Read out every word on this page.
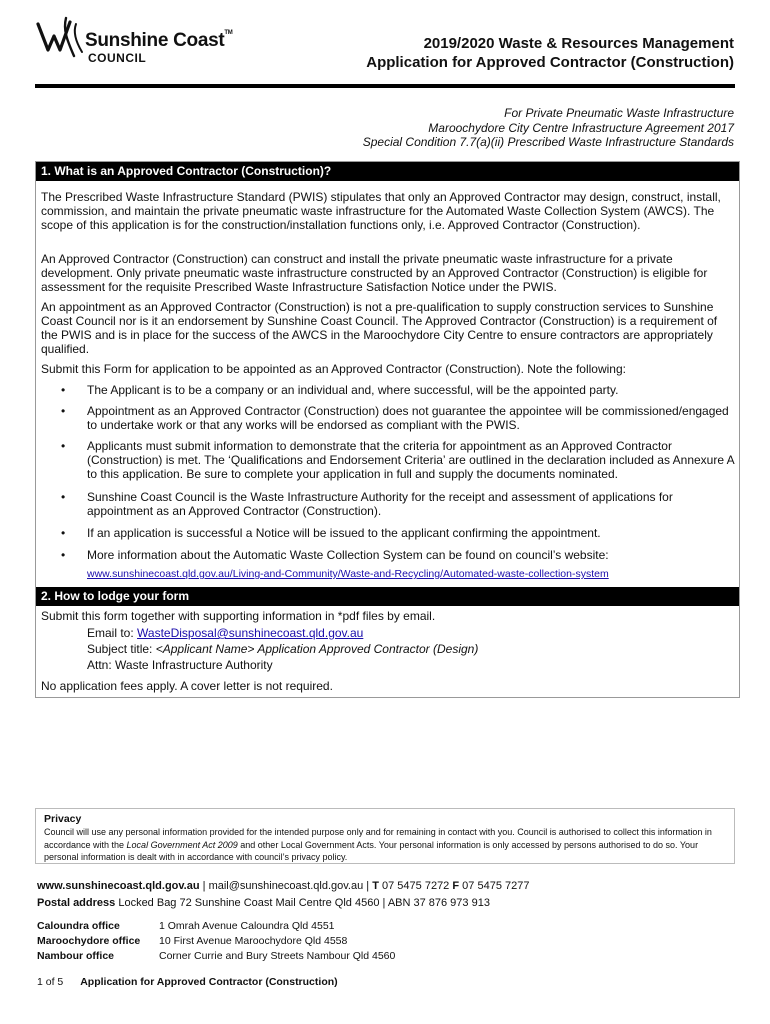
Sunshine Coast™
COUNCIL
2019/2020 Waste & Resources Management
Application for Approved Contractor (Construction)
For Private Pneumatic Waste Infrastructure
Maroochydore City Centre Infrastructure Agreement 2017
Special Condition 7.7(a)(ii) Prescribed Waste Infrastructure Standards
1. What is an Approved Contractor (Construction)?
The Prescribed Waste Infrastructure Standard (PWIS) stipulates that only an Approved Contractor may design, construct, install, commission, and maintain the private pneumatic waste infrastructure for the Automated Waste Collection System (AWCS). The scope of this application is for the construction/installation functions only, i.e. Approved Contractor (Construction).
An Approved Contractor (Construction) can construct and install the private pneumatic waste infrastructure for a private development. Only private pneumatic waste infrastructure constructed by an Approved Contractor (Construction) is eligible for assessment for the requisite Prescribed Waste Infrastructure Satisfaction Notice under the PWIS.
An appointment as an Approved Contractor (Construction) is not a pre-qualification to supply construction services to Sunshine Coast Council nor is it an endorsement by Sunshine Coast Council. The Approved Contractor (Construction) is a requirement of the PWIS and is in place for the success of the AWCS in the Maroochydore City Centre to ensure contractors are appropriately qualified.
Submit this Form for application to be appointed as an Approved Contractor (Construction). Note the following:
• The Applicant is to be a company or an individual and, where successful, will be the appointed party.
• Appointment as an Approved Contractor (Construction) does not guarantee the appointee will be commissioned/engaged to undertake work or that any works will be endorsed as compliant with the PWIS.
• Applicants must submit information to demonstrate that the criteria for appointment as an Approved Contractor (Construction) is met. The ‘Qualifications and Endorsement Criteria’ are outlined in the declaration included as Annexure A to this application. Be sure to complete your application in full and supply the documents nominated.
• Sunshine Coast Council is the Waste Infrastructure Authority for the receipt and assessment of applications for appointment as an Approved Contractor (Construction).
• If an application is successful a Notice will be issued to the applicant confirming the appointment.
• More information about the Automatic Waste Collection System can be found on council’s website:
www.sunshinecoast.qld.gov.au/Living-and-Community/Waste-and-Recycling/Automated-waste-collection-system
2. How to lodge your form
Submit this form together with supporting information in *pdf files by email.
Email to: WasteDisposal@sunshinecoast.qld.gov.au
Subject title: <Applicant Name> Application Approved Contractor (Design)
Attn: Waste Infrastructure Authority
No application fees apply. A cover letter is not required.
Privacy
Council will use any personal information provided for the intended purpose only and for remaining in contact with you. Council is authorised to collect this information in accordance with the Local Government Act 2009 and other Local Government Acts. Your personal information is only accessed by persons authorised to do so. Your personal information is dealt with in accordance with council’s privacy policy.
www.sunshinecoast.qld.gov.au | mail@sunshinecoast.qld.gov.au | T 07 5475 7272 F 07 5475 7277
Postal address Locked Bag 72 Sunshine Coast Mail Centre Qld 4560 | ABN 37 876 973 913
Caloundra office	1 Omrah Avenue Caloundra Qld 4551
Maroochydore office 10 First Avenue Maroochydore Qld 4558
Nambour office	Corner Currie and Bury Streets Nambour Qld 4560
1 of 5 Application for Approved Contractor (Construction)
